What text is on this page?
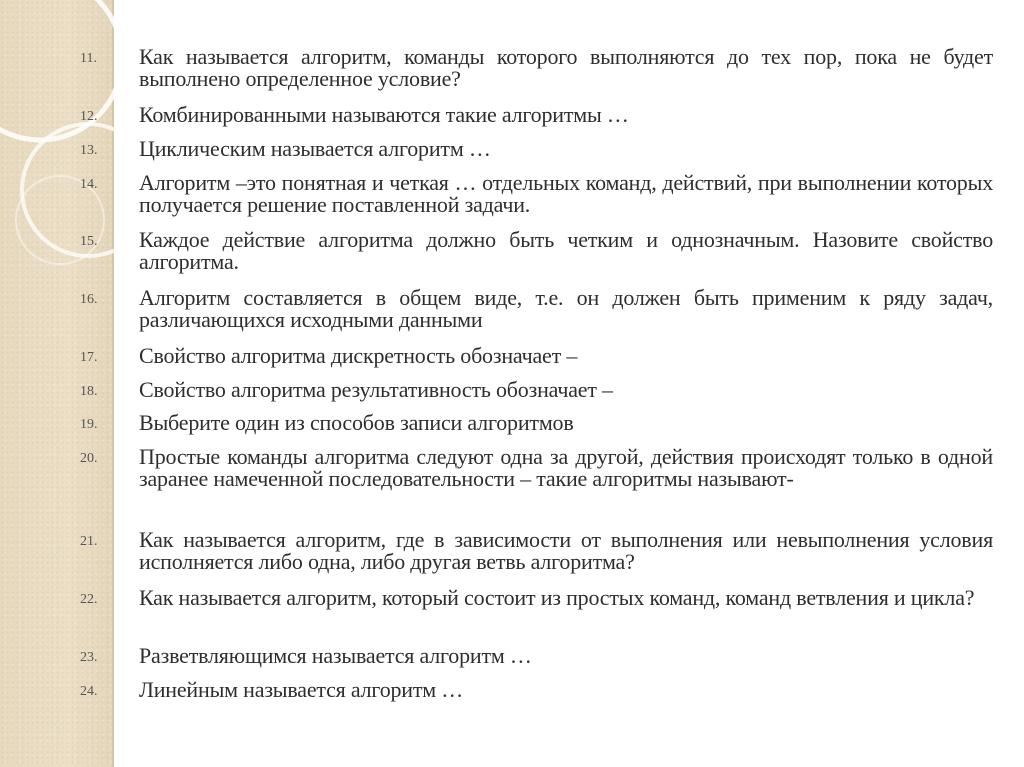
11.	Как называется алгоритм, команды которого выполняются до тех пор, пока не будет выполнено определенное условие?
12.	Комбинированными называются такие алгоритмы …
13.	Циклическим называется алгоритм …
14.	Алгоритм –это понятная и четкая … отдельных команд, действий, при выполнении которых получается решение поставленной задачи.
15.	Каждое действие алгоритма должно быть четким и однозначным. Назовите свойство алгоритма.
16.	Алгоритм составляется в общем виде, т.е. он должен быть применим к ряду задач, различающихся исходными данными
17.	Свойство алгоритма дискретность обозначает –
18.	Свойство алгоритма результативность обозначает –
19.	Выберите один из способов записи алгоритмов
20.	Простые команды алгоритма следуют одна за другой, действия происходят только в одной заранее намеченной последовательности – такие алгоритмы называют-
21.	Как называется алгоритм, где в зависимости от выполнения или невыполнения условия исполняется либо одна, либо другая ветвь алгоритма?
22.	Как называется алгоритм, который состоит из простых команд, команд ветвления и цикла?
23.	Разветвляющимся называется алгоритм …
24.	Линейным называется алгоритм …
